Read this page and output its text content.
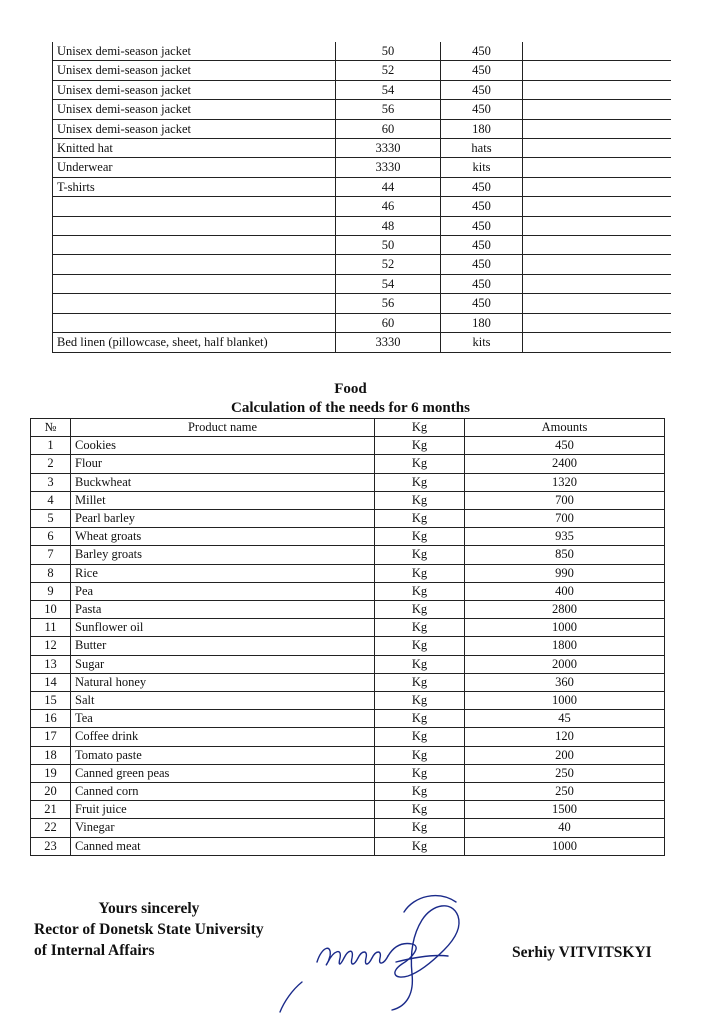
Unisex demi-season jacket	50	450	
Unisex demi-season jacket	52	450	
Unisex demi-season jacket	54	450	
Unisex demi-season jacket	56	450	
Unisex demi-season jacket	60	180	
Knitted hat	3330	hats	
Underwear	3330	kits	
T-shirts	44	450	
	46	450	
	48	450	
	50	450	
	52	450	
	54	450	
	56	450	
	60	180	
Bed linen (pillowcase, sheet, half blanket)	3330	kits	
Food
Calculation of the needs for 6 months
№	Product name	Kg	Amounts
1	Cookies	Kg	450
2	Flour	Kg	2400
3	Buckwheat	Kg	1320
4	Millet	Kg	700
5	Pearl barley	Kg	700
6	Wheat groats	Kg	935
7	Barley groats	Kg	850
8	Rice	Kg	990
9	Pea	Kg	400
10	Pasta	Kg	2800
11	Sunflower oil	Kg	1000
12	Butter	Kg	1800
13	Sugar	Kg	2000
14	Natural honey	Kg	360
15	Salt	Kg	1000
16	Tea	Kg	45
17	Coffee drink	Kg	120
18	Tomato paste	Kg	200
19	Canned green peas	Kg	250
20	Canned corn	Kg	250
21	Fruit juice	Kg	1500
22	Vinegar	Kg	40
23	Canned meat	Kg	1000
Yours sincerely
Rector of Donetsk State University
of Internal Affairs	Serhiy VITVITSKYI
